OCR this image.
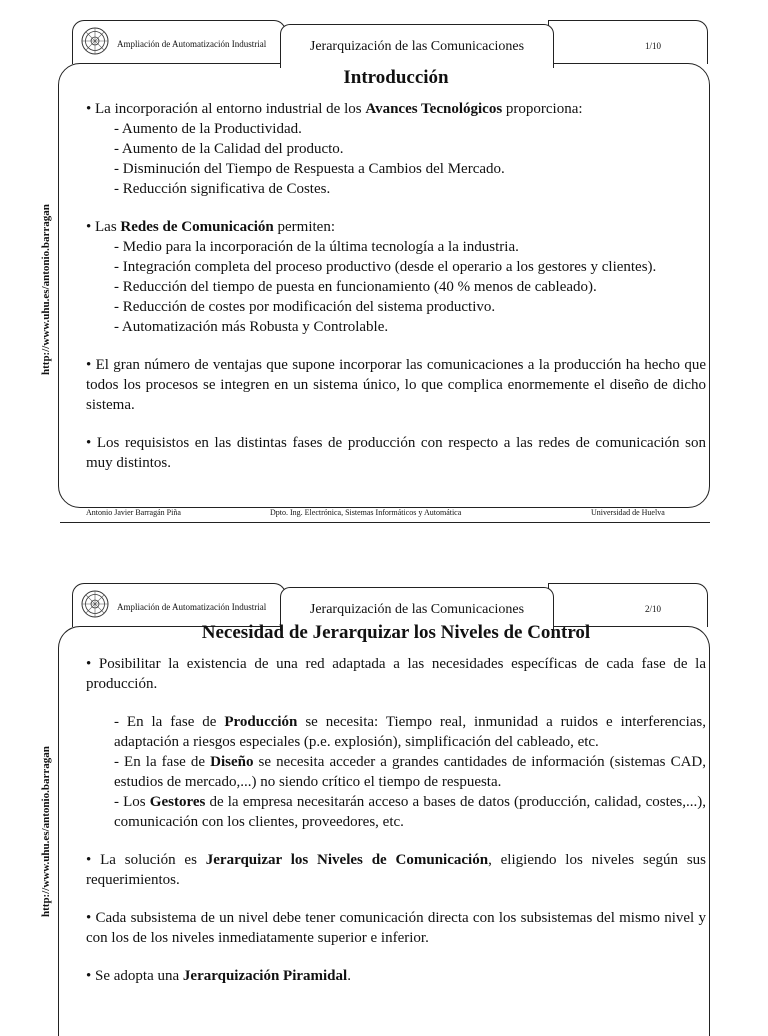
http://www.uhu.es/antonio.barragan
Ampliación de Automatización Industrial	Jerarquización de las Comunicaciones	1/10
Introducción
• La incorporación al entorno industrial de los Avances Tecnológicos proporciona:
- Aumento de la Productividad.
- Aumento de la Calidad del producto.
- Disminución del Tiempo de Respuesta a Cambios del Mercado.
- Reducción significativa de Costes.
• Las Redes de Comunicación permiten:
- Medio para la incorporación de la última tecnología a la industria.
- Integración completa del proceso productivo (desde el operario a los gestores y clientes).
- Reducción del tiempo de puesta en funcionamiento (40 % menos de cableado).
- Reducción de costes por modificación del sistema productivo.
- Automatización más Robusta y Controlable.
• El gran número de ventajas que supone incorporar las comunicaciones a la producción ha hecho que todos los procesos se integren en un sistema único, lo que complica enormemente el diseño de dicho sistema.
• Los requisistos en las distintas fases de producción con respecto a las redes de comunicación son muy distintos.
Antonio Javier Barragán Piña	Dpto. Ing. Electrónica, Sistemas Informáticos y Automática	Universidad de Huelva
http://www.uhu.es/antonio.barragan
Ampliación de Automatización Industrial	Jerarquización de las Comunicaciones	2/10
Necesidad de Jerarquizar los Niveles de Control
• Posibilitar la existencia de una red adaptada a las necesidades específicas de cada fase de la producción.
- En la fase de Producción se necesita: Tiempo real, inmunidad a ruidos e interferencias, adaptación a riesgos especiales (p.e. explosión), simplificación del cableado, etc.
- En la fase de Diseño se necesita acceder a grandes cantidades de información (sistemas CAD, estudios de mercado,...) no siendo crítico el tiempo de respuesta.
- Los Gestores de la empresa necesitarán acceso a bases de datos (producción, calidad, costes,...), comunicación con los clientes, proveedores, etc.
• La solución es Jerarquizar los Niveles de Comunicación, eligiendo los niveles según sus requerimientos.
• Cada subsistema de un nivel debe tener comunicación directa con los subsistemas del mismo nivel y con los de los niveles inmediatamente superior e inferior.
• Se adopta una Jerarquización Piramidal.
